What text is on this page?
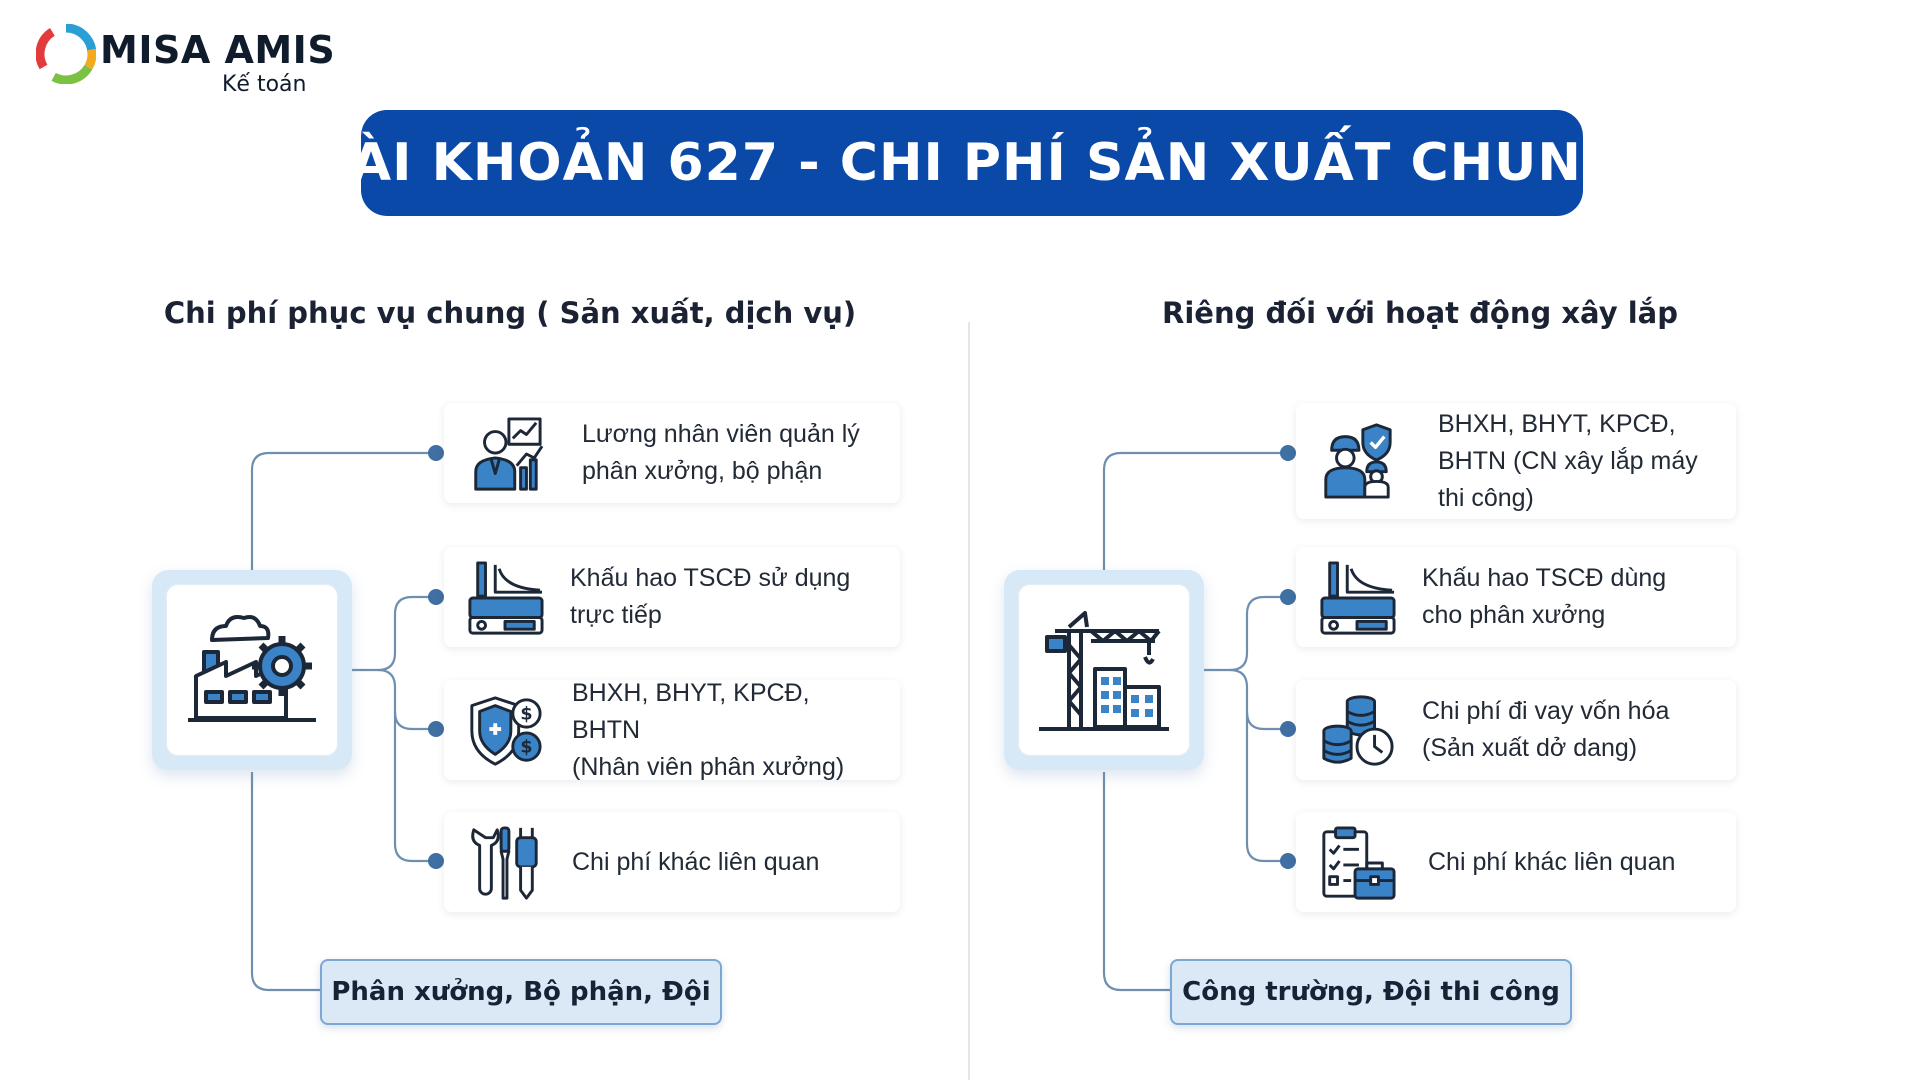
MISA AMIS
Kế toán
TÀI KHOẢN 627 - CHI PHÍ SẢN XUẤT CHUNG
Chi phí phục vụ chung ( Sản xuất, dịch vụ)	Riêng đối với hoạt động xây lắp
Lương nhân viên quản lý
phân xưởng, bộ phận
Khấu hao TSCĐ sử dụng
trực tiếp
$
$
BHXH, BHYT, KPCĐ, BHTN
(Nhân viên phân xưởng)
Chi phí khác liên quan
BHXH, BHYT, KPCĐ,
BHTN (CN xây lắp máy
thi công)
Khấu hao TSCĐ dùng
cho phân xưởng
Chi phí đi vay vốn hóa
(Sản xuất dở dang)
Chi phí khác liên quan
Phân xưởng, Bộ phận, Đội	Công trường, Đội thi công
